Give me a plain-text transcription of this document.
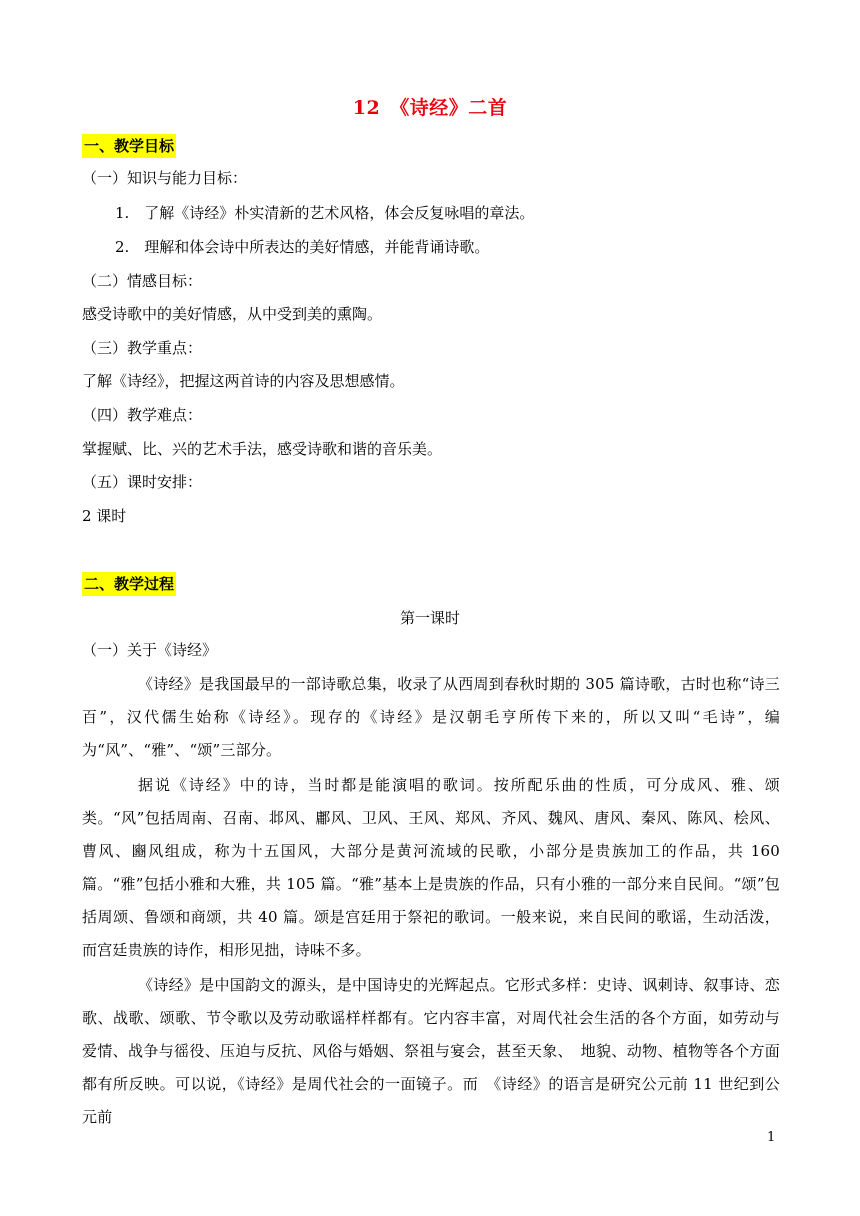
12　《诗经》二首
一、教学目标
（一）知识与能力目标：
1.　了解《诗经》朴实清新的艺术风格，体会反复咏唱的章法。
2.　理解和体会诗中所表达的美好情感，并能背诵诗歌。
（二）情感目标：
感受诗歌中的美好情感，从中受到美的熏陶。
（三）教学重点：
了解《诗经》，把握这两首诗的内容及思想感情。
（四）教学难点：
掌握赋、比、兴的艺术手法，感受诗歌和谐的音乐美。
（五）课时安排：
2 课时
二、教学过程
第一课时
（一）关于《诗经》
《诗经》是我国最早的一部诗歌总集，收录了从西周到春秋时期的 305 篇诗歌，古时也称“诗三百”，汉代儒生始称《诗经》。现存的《诗经》是汉朝毛亨所传下来的，所以又叫“毛诗”，编为“风”、“雅”、“颂”三部分。
据说《诗经》中的诗，当时都是能演唱的歌词。按所配乐曲的性质，可分成风、雅、颂类。“风”包括周南、召南、邶风、鄘风、卫风、王风、郑风、齐风、魏风、唐风、秦风、陈风、桧风、曹风、豳风组成，称为十五国风，大部分是黄河流域的民歌，小部分是贵族加工的作品，共 160 篇。“雅”包括小雅和大雅，共 105 篇。“雅”基本上是贵族的作品，只有小雅的一部分来自民间。“颂”包括周颂、鲁颂和商颂，共 40 篇。颂是宫廷用于祭祀的歌词。一般来说，来自民间的歌谣，生动活泼，而宫廷贵族的诗作，相形见拙，诗味不多。
《诗经》是中国韵文的源头，是中国诗史的光辉起点。它形式多样：史诗、讽刺诗、叙事诗、恋歌、战歌、颂歌、节令歌以及劳动歌谣样样都有。它内容丰富，对周代社会生活的各个方面，如劳动与爱情、战争与徭役、压迫与反抗、风俗与婚姻、祭祖与宴会，甚至天象、　地貌、动物、植物等各个方面都有所反映。可以说，《诗经》是周代社会的一面镜子。而　《诗经》的语言是研究公元前 11 世纪到公元前
1
